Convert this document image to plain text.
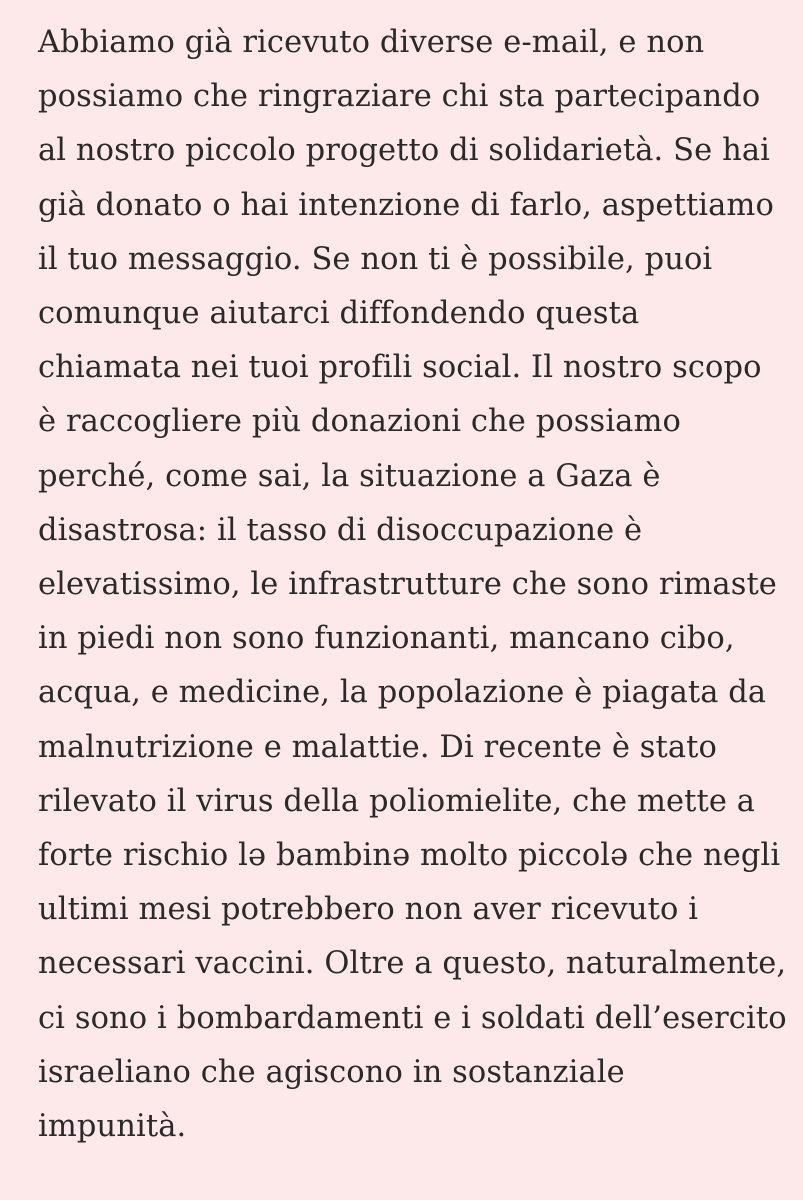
Abbiamo già ricevuto diverse e-mail, e non
possiamo che ringraziare chi sta partecipando
al nostro piccolo progetto di solidarietà. Se hai
già donato o hai intenzione di farlo, aspettiamo
il tuo messaggio. Se non ti è possibile, puoi
comunque aiutarci diffondendo questa
chiamata nei tuoi profili social. Il nostro scopo
è raccogliere più donazioni che possiamo
perché, come sai, la situazione a Gaza è
disastrosa: il tasso di disoccupazione è
elevatissimo, le infrastrutture che sono rimaste
in piedi non sono funzionanti, mancano cibo,
acqua, e medicine, la popolazione è piagata da
malnutrizione e malattie. Di recente è stato
rilevato il virus della poliomielite, che mette a
forte rischio lə bambinə molto piccolə che negli
ultimi mesi potrebbero non aver ricevuto i
necessari vaccini. Oltre a questo, naturalmente,
ci sono i bombardamenti e i soldati dell’esercito
israeliano che agiscono in sostanziale
impunità.
